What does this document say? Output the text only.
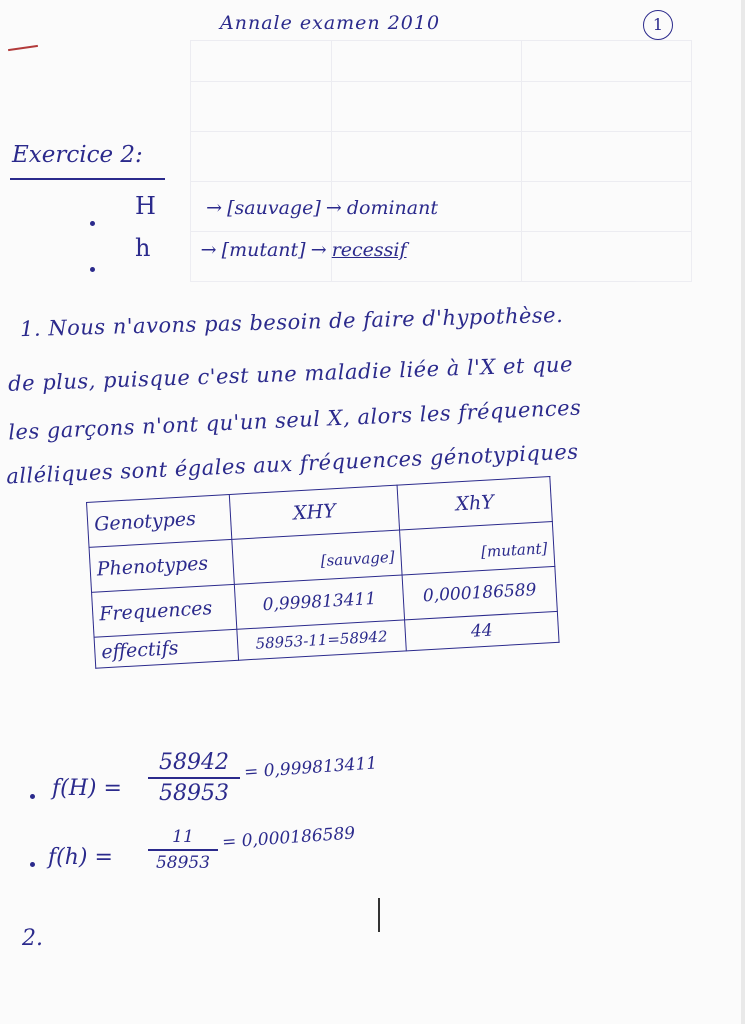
Annale examen 2010	1
Exercice 2:
H	→ [sauvage] → dominant
h	→ [mutant] → recessif
1. Nous n'avons pas besoin de faire d'hypothèse.
de plus, puisque c'est une maladie liée à l'X et que
les garçons n'ont qu'un seul X, alors les fréquences
alléliques sont égales aux fréquences génotypiques
Genotypes	XHY	XhY
Phenotypes	[sauvage]	[mutant]

Frequences	0,999813411	0,000186589
effectifs	58953-11=58942	44
f(H) =
58942
58953
= 0,999813411
f(h) =
11
58953
= 0,000186589
2.
